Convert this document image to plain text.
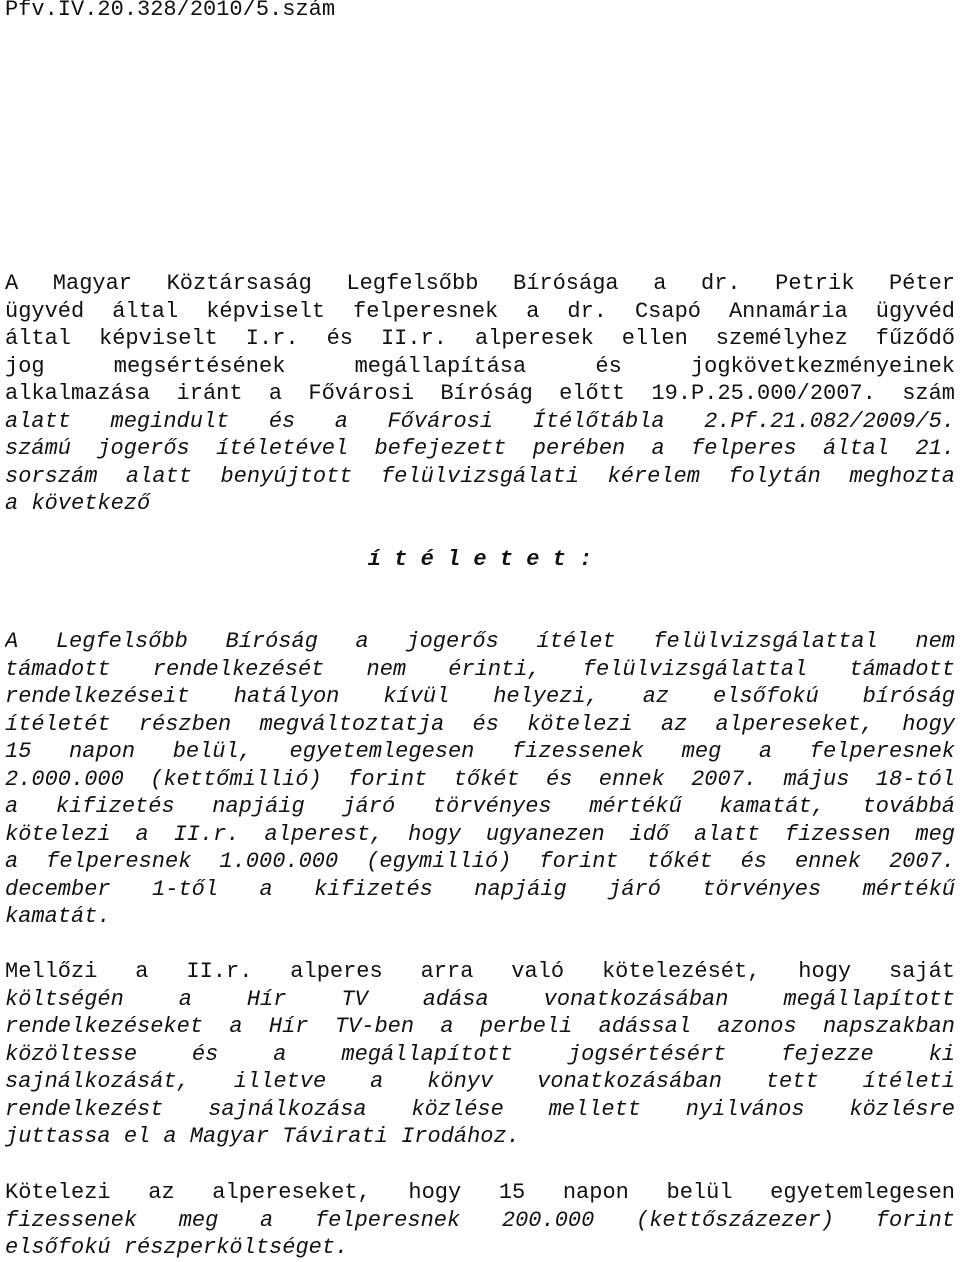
Pfv.IV.20.328/2010/5.szám
A Magyar Köztársaság Legfelsőbb Bírósága a dr. Petrik Péter
ügyvéd által képviselt felperesnek a dr. Csapó Annamária ügyvéd
által képviselt I.r. és II.r. alperesek ellen személyhez fűződő
jog megsértésének megállapítása és jogkövetkezményeinek
alkalmazása iránt a Fővárosi Bíróság előtt 19.P.25.000/2007. szám
alatt megindult és a Fővárosi Ítélőtábla 2.Pf.21.082/2009/5.
számú jogerős ítéletével befejezett perében a felperes által 21.
sorszám alatt benyújtott felülvizsgálati kérelem folytán meghozta
a következő
í t é l e t e t :
A Legfelsőbb Bíróság a jogerős ítélet felülvizsgálattal nem
támadott rendelkezését nem érinti, felülvizsgálattal támadott
rendelkezéseit hatályon kívül helyezi, az elsőfokú bíróság
ítéletét részben megváltoztatja és kötelezi az alpereseket, hogy
15 napon belül, egyetemlegesen fizessenek meg a felperesnek
2.000.000 (kettőmillió) forint tőkét és ennek 2007. május 18-tól
a kifizetés napjáig járó törvényes mértékű kamatát, továbbá
kötelezi a II.r. alperest, hogy ugyanezen idő alatt fizessen meg
a felperesnek 1.000.000 (egymillió) forint tőkét és ennek 2007.
december 1-től a kifizetés napjáig járó törvényes mértékű
kamatát.
Mellőzi a II.r. alperes arra való kötelezését, hogy saját
költségén a Hír TV adása vonatkozásában megállapított
rendelkezéseket a Hír TV-ben a perbeli adással azonos napszakban
közöltesse és a megállapított jogsértésért fejezze ki
sajnálkozását, illetve a könyv vonatkozásában tett ítéleti
rendelkezést sajnálkozása közlése mellett nyilvános közlésre
juttassa el a Magyar Távirati Irodához.
Kötelezi az alpereseket, hogy 15 napon belül egyetemlegesen
fizessenek meg a felperesnek 200.000 (kettőszázezer) forint
elsőfokú részperköltséget.
